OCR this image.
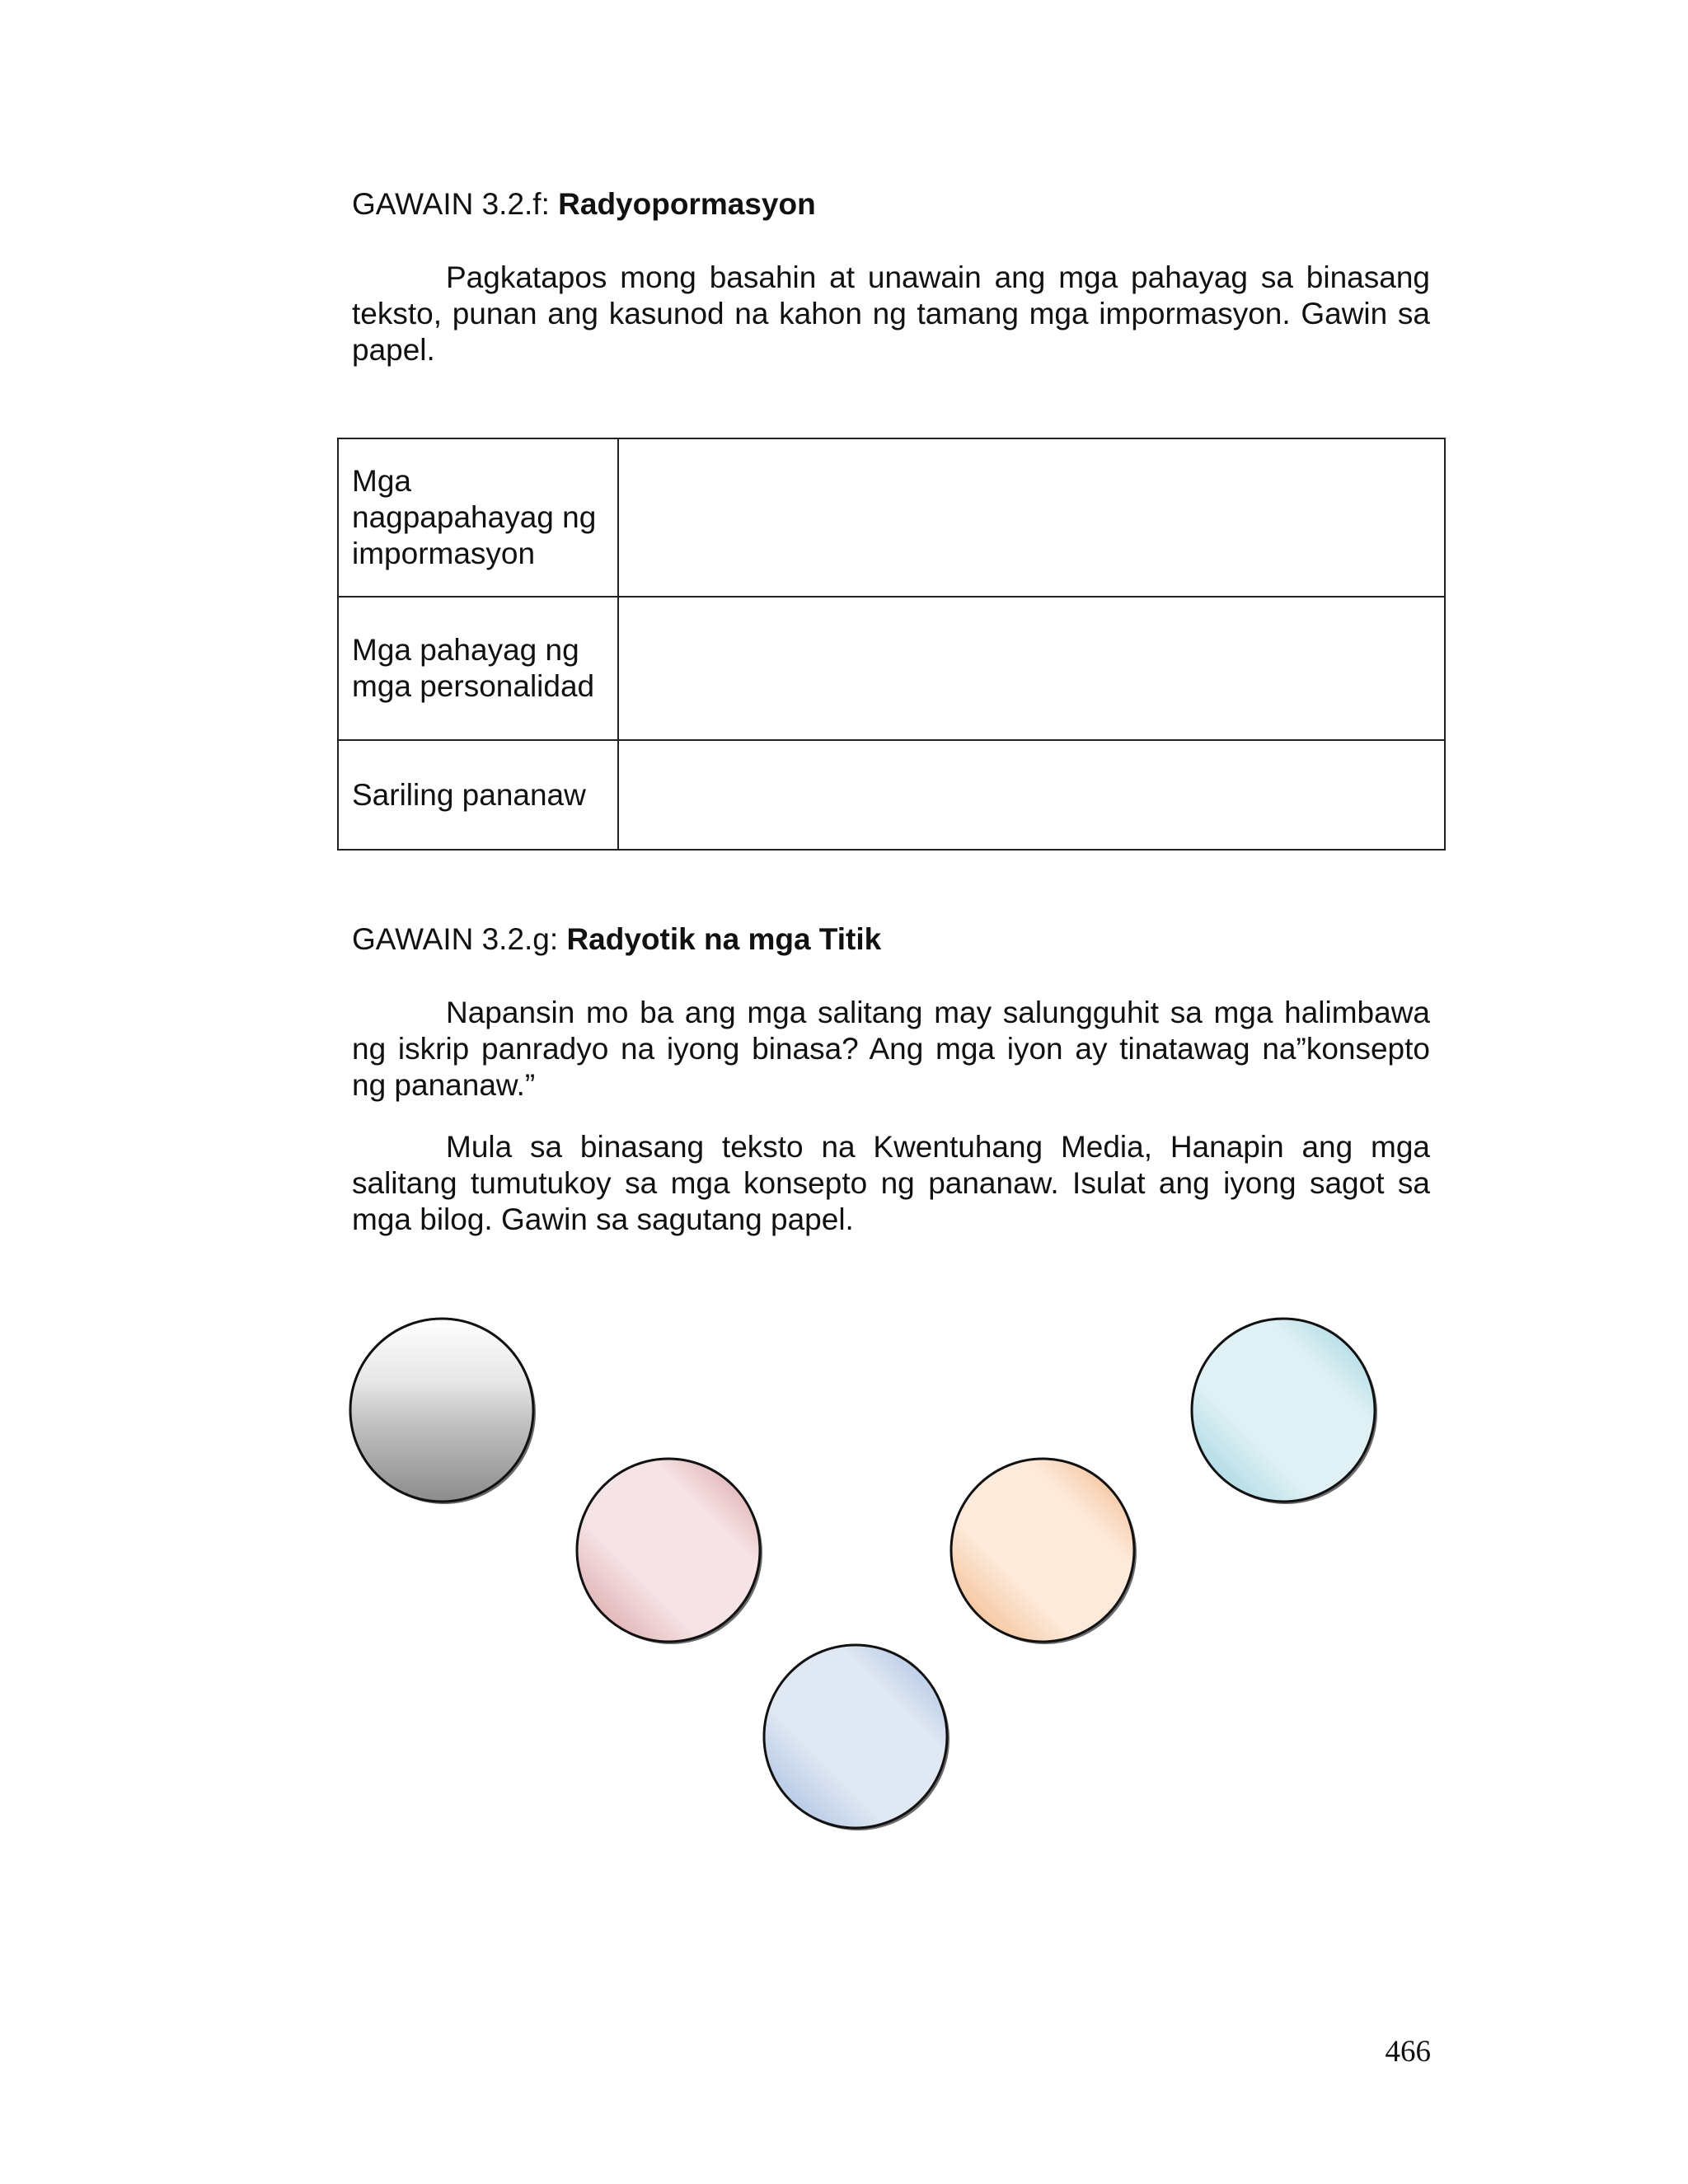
GAWAIN 3.2.f: Radyopormasyon

Pagkatapos mong basahin at unawain ang mga pahayag sa binasang teksto, punan ang kasunod na kahon ng tamang mga impormasyon. Gawin sa papel.

Mga nagpapahayag ng impormasyon	
Mga pahayag ng mga personalidad	
Sariling pananaw	
GAWAIN 3.2.g: Radyotik na mga Titik

Napansin mo ba ang mga salitang may salungguhit sa mga halimbawa ng iskrip panradyo na iyong binasa? Ang mga iyon ay tinatawag na”konsepto ng pananaw.”

Mula sa binasang teksto na Kwentuhang Media, Hanapin ang mga salitang tumutukoy sa mga konsepto ng pananaw. Isulat ang iyong sagot sa mga bilog. Gawin sa sagutang papel.

466
